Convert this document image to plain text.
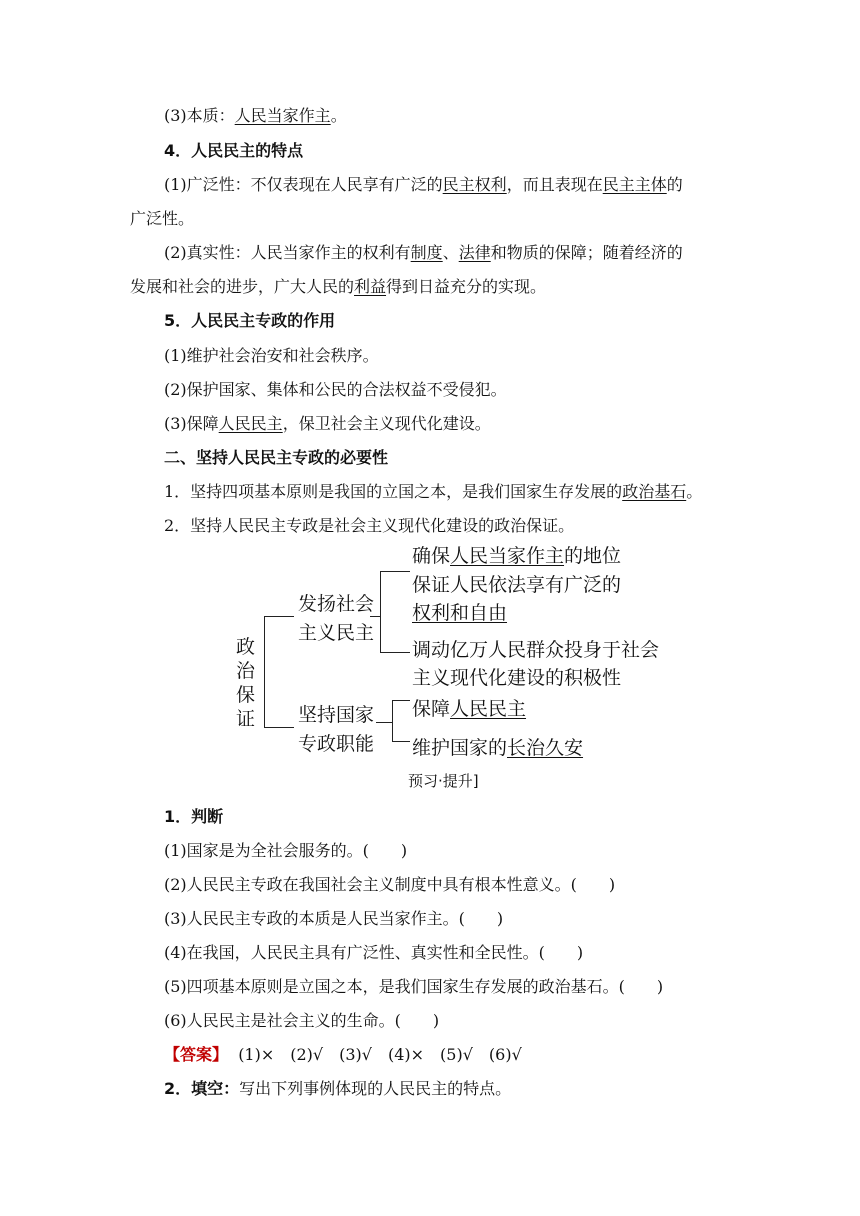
(3)本质：人民当家作主。
4．人民民主的特点
(1)广泛性：不仅表现在人民享有广泛的民主权利，而且表现在民主主体的
广泛性。
(2)真实性：人民当家作主的权利有制度、法律和物质的保障；随着经济的
发展和社会的进步，广大人民的利益得到日益充分的实现。
5．人民民主专政的作用
(1)维护社会治安和社会秩序。
(2)保护国家、集体和公民的合法权益不受侵犯。
(3)保障人民民主，保卫社会主义现代化建设。
二、坚持人民民主专政的必要性
1．坚持四项基本原则是我国的立国之本，是我们国家生存发展的政治基石。
2．坚持人民民主专政是社会主义现代化建设的政治保证。
政
治
保
证
发扬社会
主义民主
坚持国家
专政职能
确保人民当家作主的地位
保证人民依法享有广泛的
权利和自由
调动亿万人民群众投身于社会
主义现代化建设的积极性
保障人民民主
维护国家的长治久安
预习·提升]
1．判断
(1)国家是为全社会服务的。(　　)
(2)人民民主专政在我国社会主义制度中具有根本性意义。(　　)
(3)人民民主专政的本质是人民当家作主。(　　)
(4)在我国，人民民主具有广泛性、真实性和全民性。(　　)
(5)四项基本原则是立国之本，是我们国家生存发展的政治基石。(　　)
(6)人民民主是社会主义的生命。(　　)
【答案】  (1)×　(2)√　(3)√　(4)×　(5)√　(6)√
2．填空：写出下列事例体现的人民民主的特点。
